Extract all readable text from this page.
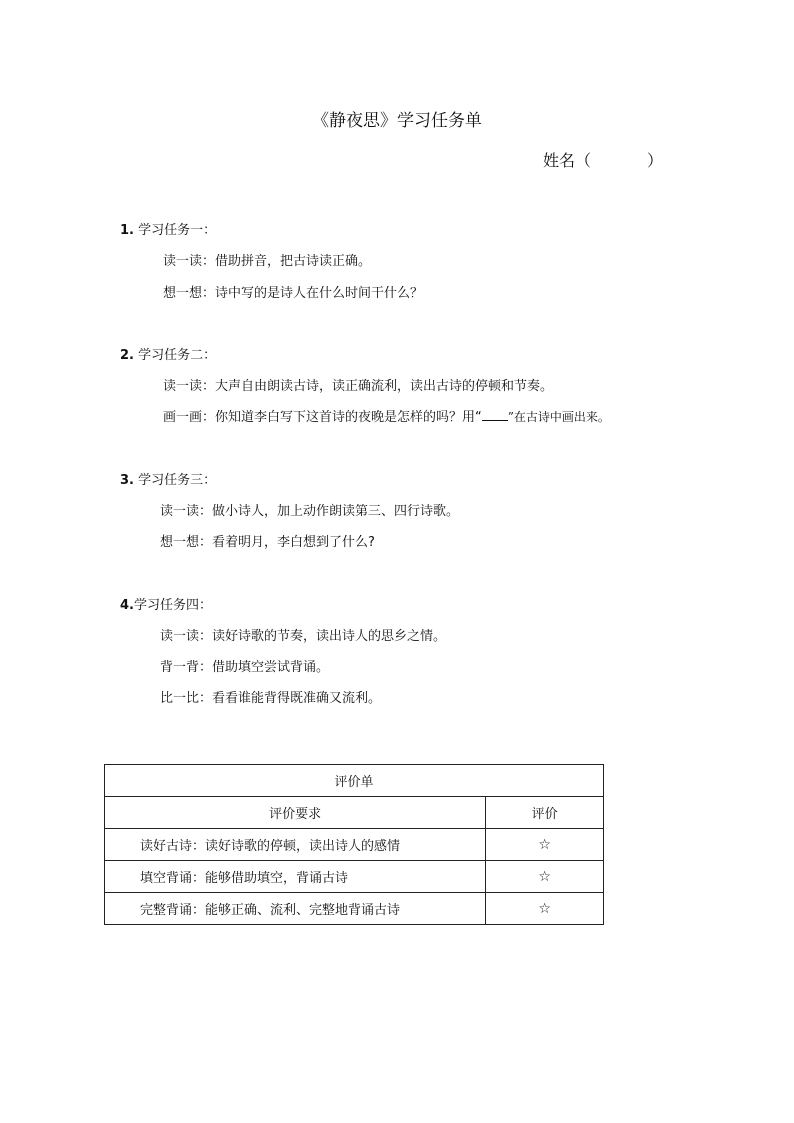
《静夜思》学习任务单
姓名（	）
1. 学习任务一：
读一读：借助拼音，把古诗读正确。
想一想：诗中写的是诗人在什么时间干什么？
2. 学习任务二：
读一读：大声自由朗读古诗，读正确流利，读出古诗的停顿和节奏。
画一画：你知道李白写下这首诗的夜晚是怎样的吗？用“ ”在古诗中画出来。
3. 学习任务三：
读一读：做小诗人，加上动作朗读第三、四行诗歌。
想一想：看着明月，李白想到了什么?
4.学习任务四：
读一读：读好诗歌的节奏，读出诗人的思乡之情。
背一背：借助填空尝试背诵。
比一比：看看谁能背得既准确又流利。
评价单	
评价要求	评价
读好古诗：读好诗歌的停顿，读出诗人的感情	☆
填空背诵：能够借助填空，背诵古诗	☆
完整背诵：能够正确、流利、完整地背诵古诗	☆
